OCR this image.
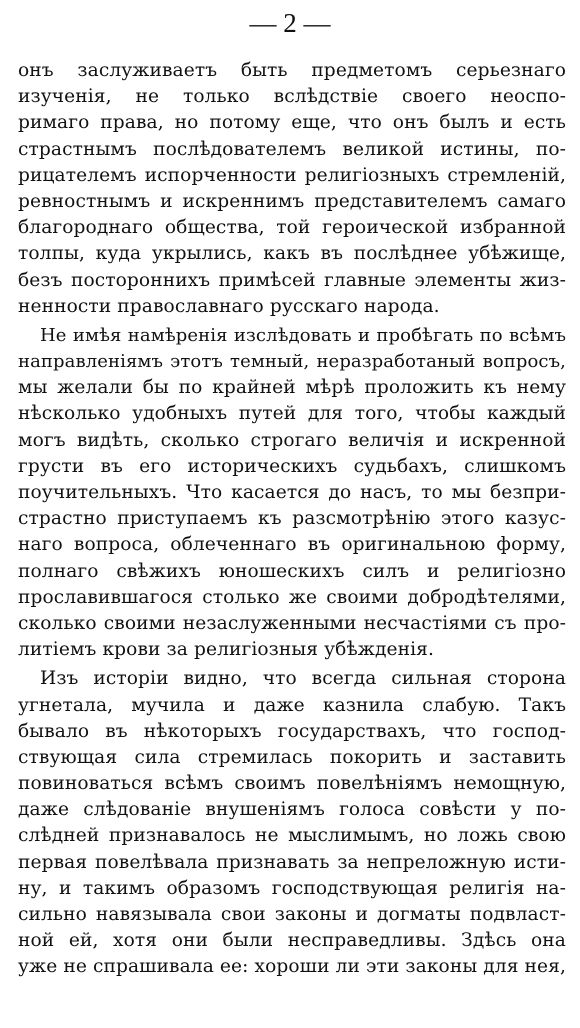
— 2 —
онъ заслуживаетъ быть предметомъ серьезнаго
изученія, не только вслѣдствіе своего неоспо-
римаго права, но потому еще, что онъ былъ и есть
страстнымъ послѣдователемъ великой истины, по-
рицателемъ испорченности религіозныхъ стремленій,
ревностнымъ и искреннимъ представителемъ самаго
благороднаго общества, той героической избранной
толпы, куда укрылись, какъ въ послѣднее убѣжище,
безъ постороннихъ примѣсей главные элементы жиз-
ненности православнаго русскаго народа.
Не имѣя намѣренія изслѣдовать и пробѣгать по всѣмъ
направленіямъ этотъ темный, неразработаный вопросъ,
мы желали бы по крайней мѣрѣ проложить къ нему
нѣсколько удобныхъ путей для того, чтобы каждый
могъ видѣть, сколько строгаго величія и искренной
грусти въ его историческихъ судьбахъ, слишкомъ
поучительныхъ. Что касается до насъ, то мы безпри-
страстно приступаемъ къ разсмотрѣнію этого казус-
наго вопроса, облеченнаго въ оригинальною форму,
полнаго свѣжихъ юношескихъ силъ и религіозно
прославившагося столько же своими добродѣтелями,
сколько своими незаслуженными несчастіями съ про-
литіемъ крови за религіозныя убѣжденія.
Изъ исторіи видно, что всегда сильная сторона
угнетала, мучила и даже казнила слабую. Такъ
бывало въ нѣкоторыхъ государствахъ, что господ-
ствующая сила стремилась покорить и заставить
повиноваться всѣмъ своимъ повелѣніямъ немощную,
даже слѣдованіе внушеніямъ голоса совѣсти у по-
слѣдней признавалось не мыслимымъ, но ложь свою
первая повелѣвала признавать за непреложную исти-
ну, и такимъ образомъ господствующая религія на-
сильно навязывала свои законы и догматы подвласт-
ной ей, хотя они были несправедливы. Здѣсь она
уже не спрашивала ее: хороши ли эти законы для нея,
